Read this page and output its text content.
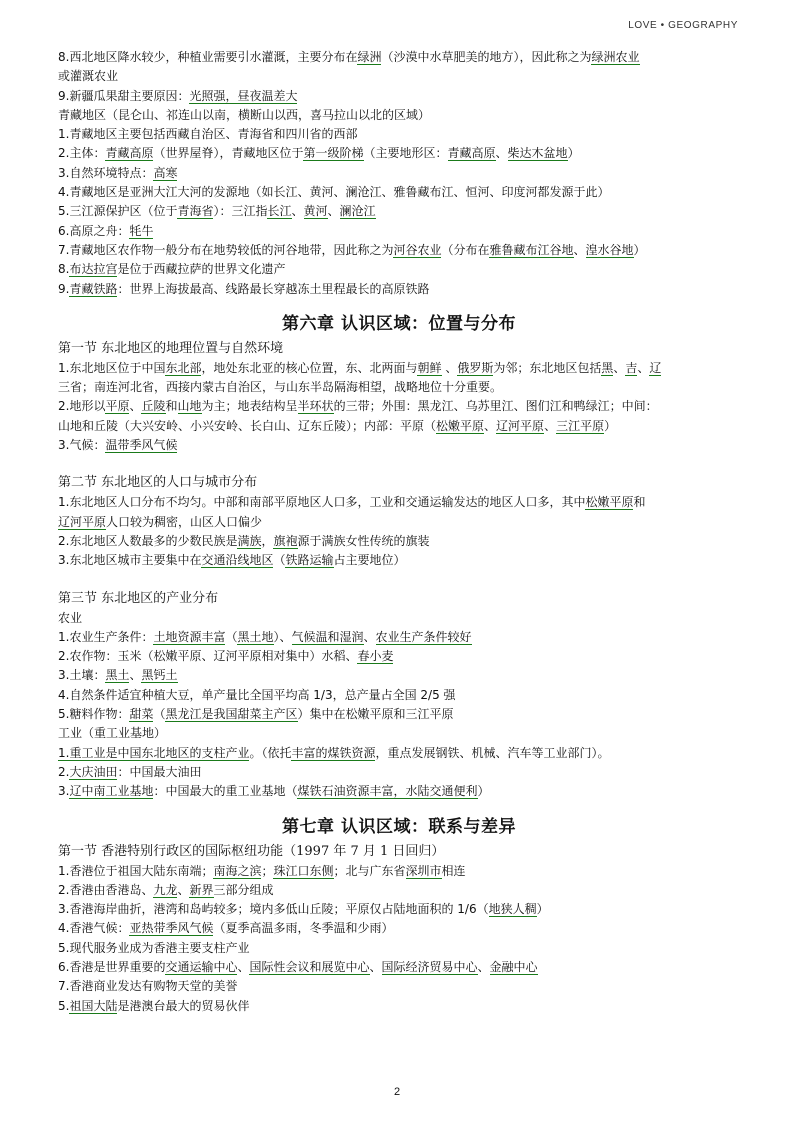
LOVE • GEOGRAPHY

8.西北地区降水较少，种植业需要引水灌溉，主要分布在绿洲（沙漠中水草肥美的地方），因此称之为绿洲农业

或灌溉农业

9.新疆瓜果甜主要原因：光照强，昼夜温差大

青藏地区（昆仑山、祁连山以南，横断山以西，喜马拉山以北的区域）

1.青藏地区主要包括西藏自治区、青海省和四川省的西部

2.主体：青藏高原（世界屋脊），青藏地区位于第一级阶梯（主要地形区：青藏高原、柴达木盆地）

3.自然环境特点：高寒

4.青藏地区是亚洲大江大河的发源地（如长江、黄河、澜沧江、雅鲁藏布江、恒河、印度河都发源于此）

5.三江源保护区（位于青海省）：三江指长江、黄河、澜沧江

6.高原之舟：牦牛

7.青藏地区农作物一般分布在地势较低的河谷地带，因此称之为河谷农业（分布在雅鲁藏布江谷地、湟水谷地）

8.布达拉宫是位于西藏拉萨的世界文化遗产

9.青藏铁路：世界上海拔最高、线路最长穿越冻土里程最长的高原铁路

第六章 认识区域：位置与分布

第一节 东北地区的地理位置与自然环境

1.东北地区位于中国东北部，地处东北亚的核心位置，东、北两面与朝鲜 、俄罗斯为邻；东北地区包括黑、吉、辽

三省；南连河北省，西接内蒙古自治区，与山东半岛隔海相望，战略地位十分重要。

2.地形以平原、丘陵和山地为主；地表结构呈半环状的三带；外围：黑龙江、乌苏里江、图们江和鸭绿江；中间：

山地和丘陵（大兴安岭、小兴安岭、长白山、辽东丘陵）；内部：平原（松嫩平原、辽河平原、三江平原）

3.气候：温带季风气候

第二节 东北地区的人口与城市分布

1.东北地区人口分布不均匀。中部和南部平原地区人口多，工业和交通运输发达的地区人口多，其中松嫩平原和

辽河平原人口较为稠密，山区人口偏少

2.东北地区人数最多的少数民族是满族，旗袍源于满族女性传统的旗装

3.东北地区城市主要集中在交通沿线地区（铁路运输占主要地位）

第三节 东北地区的产业分布

农业

1.农业生产条件：土地资源丰富（黑土地）、气候温和湿润、农业生产条件较好

2.农作物：玉米（松嫩平原、辽河平原相对集中）水稻、春小麦

3.土壤：黑土、黑钙土

4.自然条件适宜种植大豆，单产量比全国平均高 1/3，总产量占全国 2/5 强

5.糖料作物：甜菜（黑龙江是我国甜菜主产区）集中在松嫩平原和三江平原

工业（重工业基地）

1.重工业是中国东北地区的支柱产业。（依托丰富的煤铁资源，重点发展钢铁、机械、汽车等工业部门）。

2.大庆油田：中国最大油田

3.辽中南工业基地：中国最大的重工业基地（煤铁石油资源丰富，水陆交通便利）

第七章 认识区域：联系与差异

第一节 香港特别行政区的国际枢纽功能（1997 年 7 月 1 日回归）

1.香港位于祖国大陆东南端；南海之滨；珠江口东侧；北与广东省深圳市相连

2.香港由香港岛、九龙、新界三部分组成

3.香港海岸曲折，港湾和岛屿较多；境内多低山丘陵；平原仅占陆地面积的 1/6（地狭人稠）

4.香港气候：亚热带季风气候（夏季高温多雨，冬季温和少雨）

5.现代服务业成为香港主要支柱产业

6.香港是世界重要的交通运输中心、国际性会议和展览中心、国际经济贸易中心、金融中心

7.香港商业发达有购物天堂的美誉

5.祖国大陆是港澳台最大的贸易伙伴

2
